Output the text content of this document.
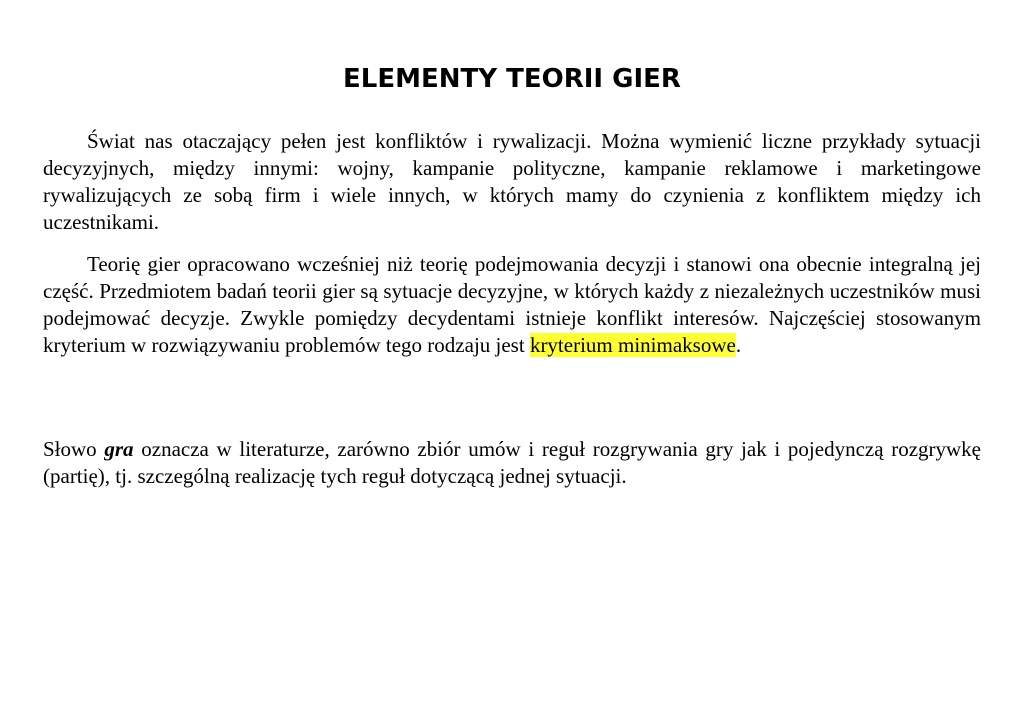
ELEMENTY TEORII GIER

Świat nas otaczający pełen jest konfliktów i rywalizacji. Można wymienić liczne przykłady sytuacji decyzyjnych, między innymi: wojny, kampanie polityczne, kampanie reklamowe i marketingowe rywalizujących ze sobą firm i wiele innych, w których mamy do czynienia z konfliktem między ich uczestnikami.

Teorię gier opracowano wcześniej niż teorię podejmowania decyzji i stanowi ona obecnie integralną jej część. Przedmiotem badań teorii gier są sytuacje decyzyjne, w których każdy z niezależnych uczestników musi podejmować decyzje. Zwykle pomiędzy decydentami istnieje konflikt interesów. Najczęściej stosowanym kryterium w rozwiązywaniu problemów tego rodzaju jest kryterium minimaksowe.

Słowo gra oznacza w literaturze, zarówno zbiór umów i reguł rozgrywania gry jak i pojedynczą rozgrywkę (partię), tj. szczególną realizację tych reguł dotyczącą jednej sytuacji.
